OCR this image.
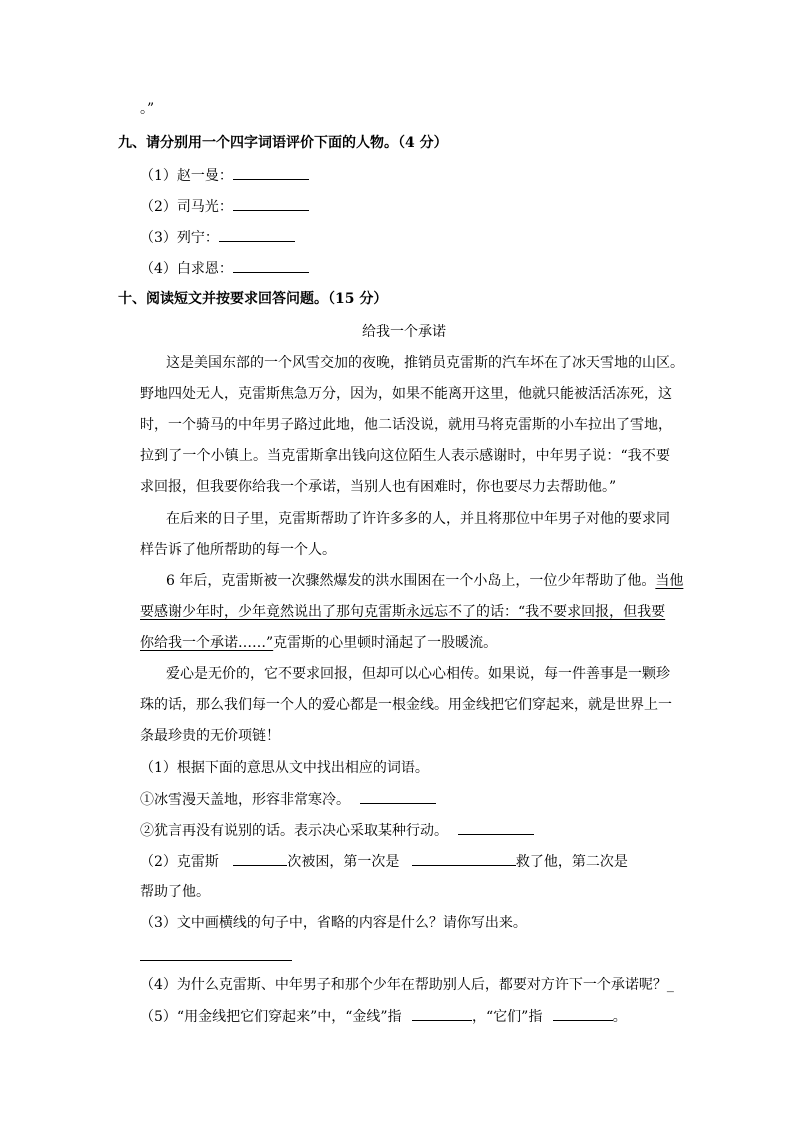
。”
九、请分别用一个四字词语评价下面的人物。（4 分）
（1）赵一曼：
（2）司马光：
（3）列宁：
（4）白求恩：
十、阅读短文并按要求回答问题。（15 分）
给我一个承诺
这是美国东部的一个风雪交加的夜晚，推销员克雷斯的汽车坏在了冰天雪地的山区。
野地四处无人，克雷斯焦急万分，因为，如果不能离开这里，他就只能被活活冻死，这
时，一个骑马的中年男子路过此地，他二话没说，就用马将克雷斯的小车拉出了雪地，
拉到了一个小镇上。当克雷斯拿出钱向这位陌生人表示感谢时，中年男子说：“我不要
求回报，但我要你给我一个承诺，当别人也有困难时，你也要尽力去帮助他。”
在后来的日子里，克雷斯帮助了许许多多的人，并且将那位中年男子对他的要求同
样告诉了他所帮助的每一个人。
6 年后，克雷斯被一次骤然爆发的洪水围困在一个小岛上，一位少年帮助了他。当他
要感谢少年时，少年竟然说出了那句克雷斯永远忘不了的话：“我不要求回报，但我要
你给我一个承诺……”克雷斯的心里顿时涌起了一股暖流。
爱心是无价的，它不要求回报，但却可以心心相传。如果说，每一件善事是一颗珍
珠的话，那么我们每一个人的爱心都是一根金线。用金线把它们穿起来，就是世界上一
条最珍贵的无价项链！
（1）根据下面的意思从文中找出相应的词语。
①冰雪漫天盖地，形容非常寒冷。
②犹言再没有说别的话。表示决心采取某种行动。
（2）克雷斯	次被困，第一次是	救了他，第二次是
帮助了他。
（3）文中画横线的句子中，省略的内容是什么？请你写出来。
（4）为什么克雷斯、中年男子和那个少年在帮助别人后，都要对方许下一个承诺呢？_
（5）“用金线把它们穿起来”中，“金线”指	，“它们”指	。
